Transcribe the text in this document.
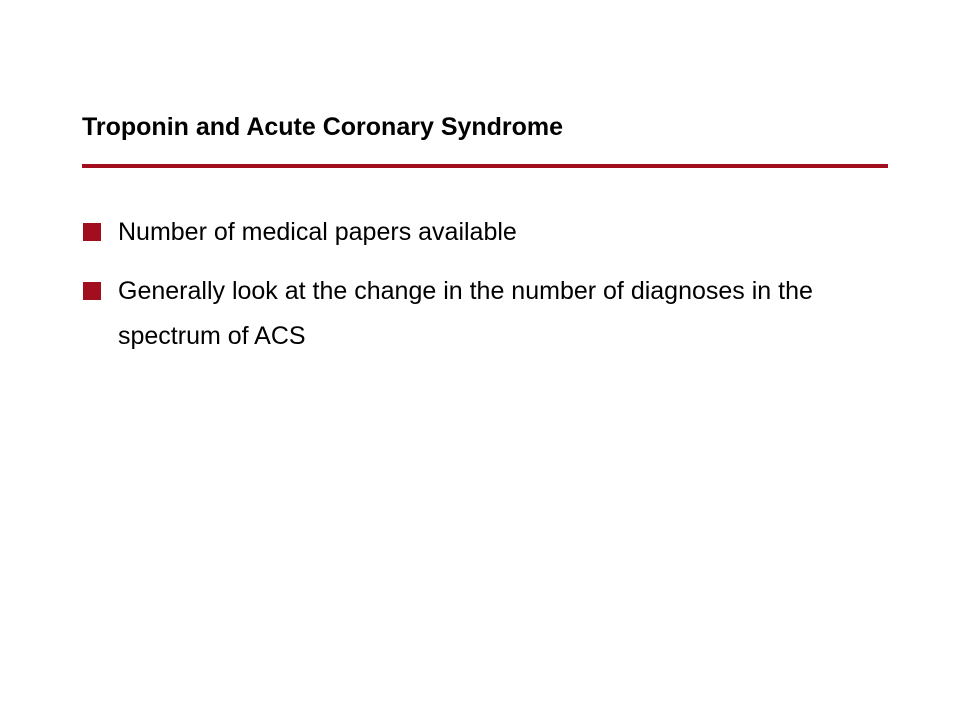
Troponin and Acute Coronary Syndrome
Number of medical papers available
Generally look at the change in the number of diagnoses in the spectrum of ACS
